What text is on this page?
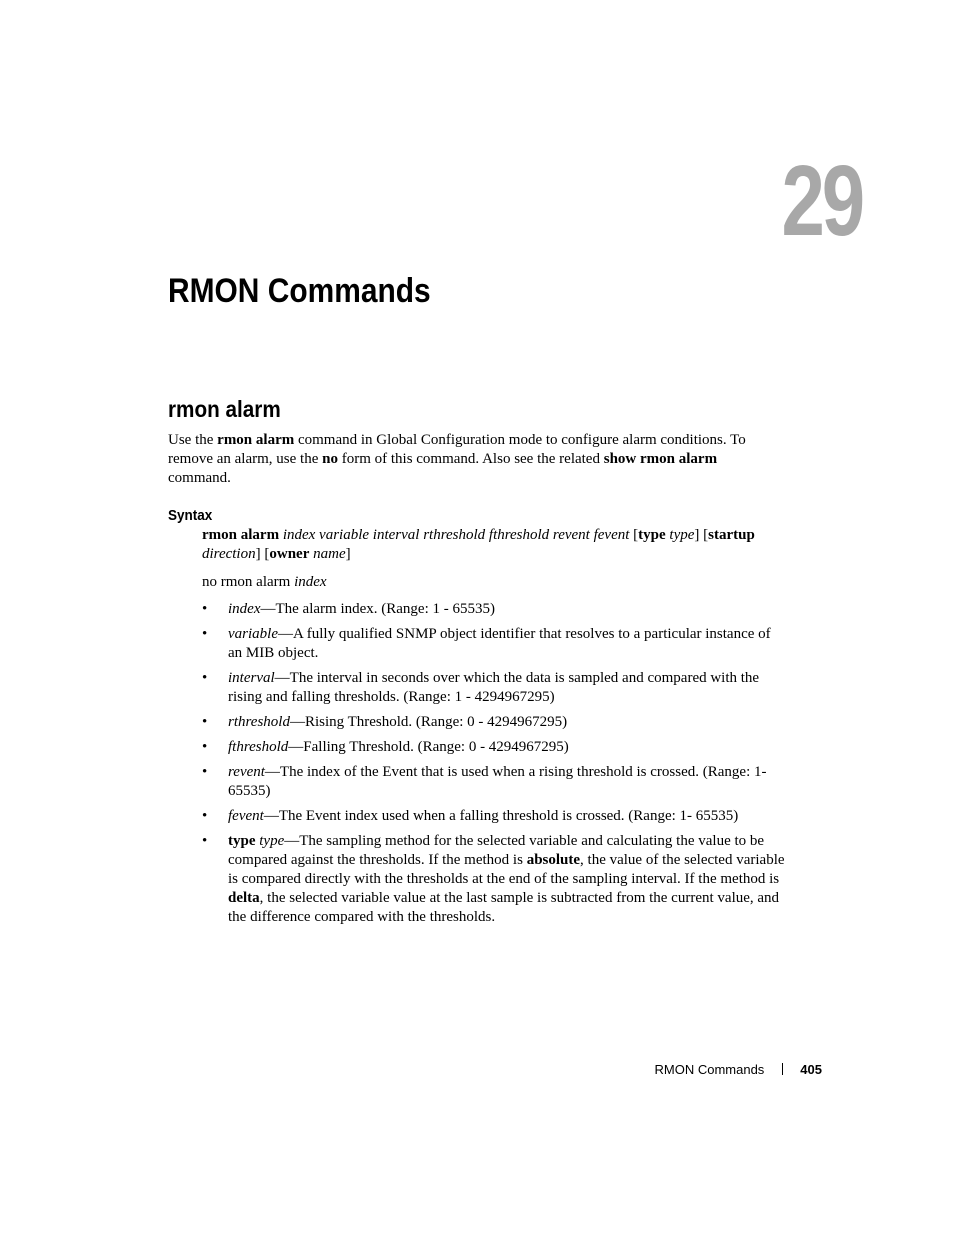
29
RMON Commands
rmon alarm

Use the rmon alarm command in Global Configuration mode to configure alarm conditions. To remove an alarm, use the no form of this command. Also see the related show rmon alarm command.

Syntax

rmon alarm index variable interval rthreshold fthreshold revent fevent [type type] [startup direction] [owner name]

no rmon alarm index

• index—The alarm index. (Range: 1 - 65535)
• variable—A fully qualified SNMP object identifier that resolves to a particular instance of an MIB object.
• interval—The interval in seconds over which the data is sampled and compared with the rising and falling thresholds. (Range: 1 - 4294967295)
• rthreshold—Rising Threshold. (Range: 0 - 4294967295)
• fthreshold—Falling Threshold. (Range: 0 - 4294967295)
• revent—The index of the Event that is used when a rising threshold is crossed. (Range: 1-65535)
• fevent—The Event index used when a falling threshold is crossed. (Range: 1- 65535)
• type type—The sampling method for the selected variable and calculating the value to be compared against the thresholds. If the method is absolute, the value of the selected variable is compared directly with the thresholds at the end of the sampling interval. If the method is delta, the selected variable value at the last sample is subtracted from the current value, and the difference compared with the thresholds.
RMON Commands	405
